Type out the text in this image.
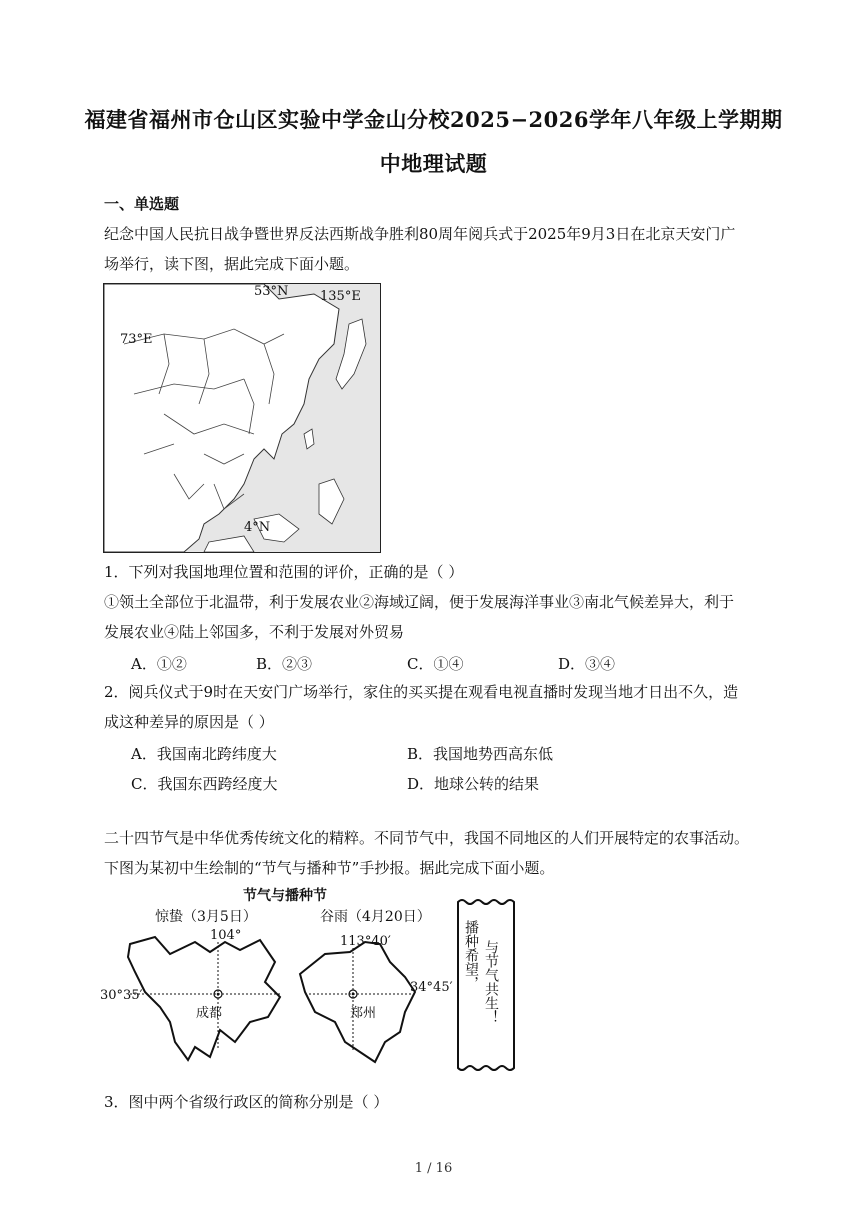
福建省福州市仓山区实验中学金山分校2025−2026学年八年级上学期期
中地理试题
一、单选题
纪念中国人民抗日战争暨世界反法西斯战争胜利80周年阅兵式于2025年9月3日在北京天安门广
场举行，读下图，据此完成下面小题。
53°N 135°E
73°E
4°N
1．下列对我国地理位置和范围的评价，正确的是（ ）
①领土全部位于北温带，利于发展农业②海域辽阔，便于发展海洋事业③南北气候差异大，利于
发展农业④陆上邻国多，不利于发展对外贸易
A．①②	B．②③	C．①④	D．③④
2．阅兵仪式于9时在天安门广场举行，家住的买买提在观看电视直播时发现当地才日出不久，造
成这种差异的原因是（ ）
A．我国南北跨纬度大	B．我国地势西高东低
C．我国东西跨经度大	D．地球公转的结果
二十四节气是中华优秀传统文化的精粹。不同节气中，我国不同地区的人们开展特定的农事活动。
下图为某初中生绘制的“节气与播种节”手抄报。据此完成下面小题。
节气与播种节
惊蛰（3月5日）	谷雨（4月20日）
104°
30°35′
成都
113°40′
34°45′
郑州
播种希望， 与节气共生！
3．图中两个省级行政区的简称分别是（ ）
1 / 16
